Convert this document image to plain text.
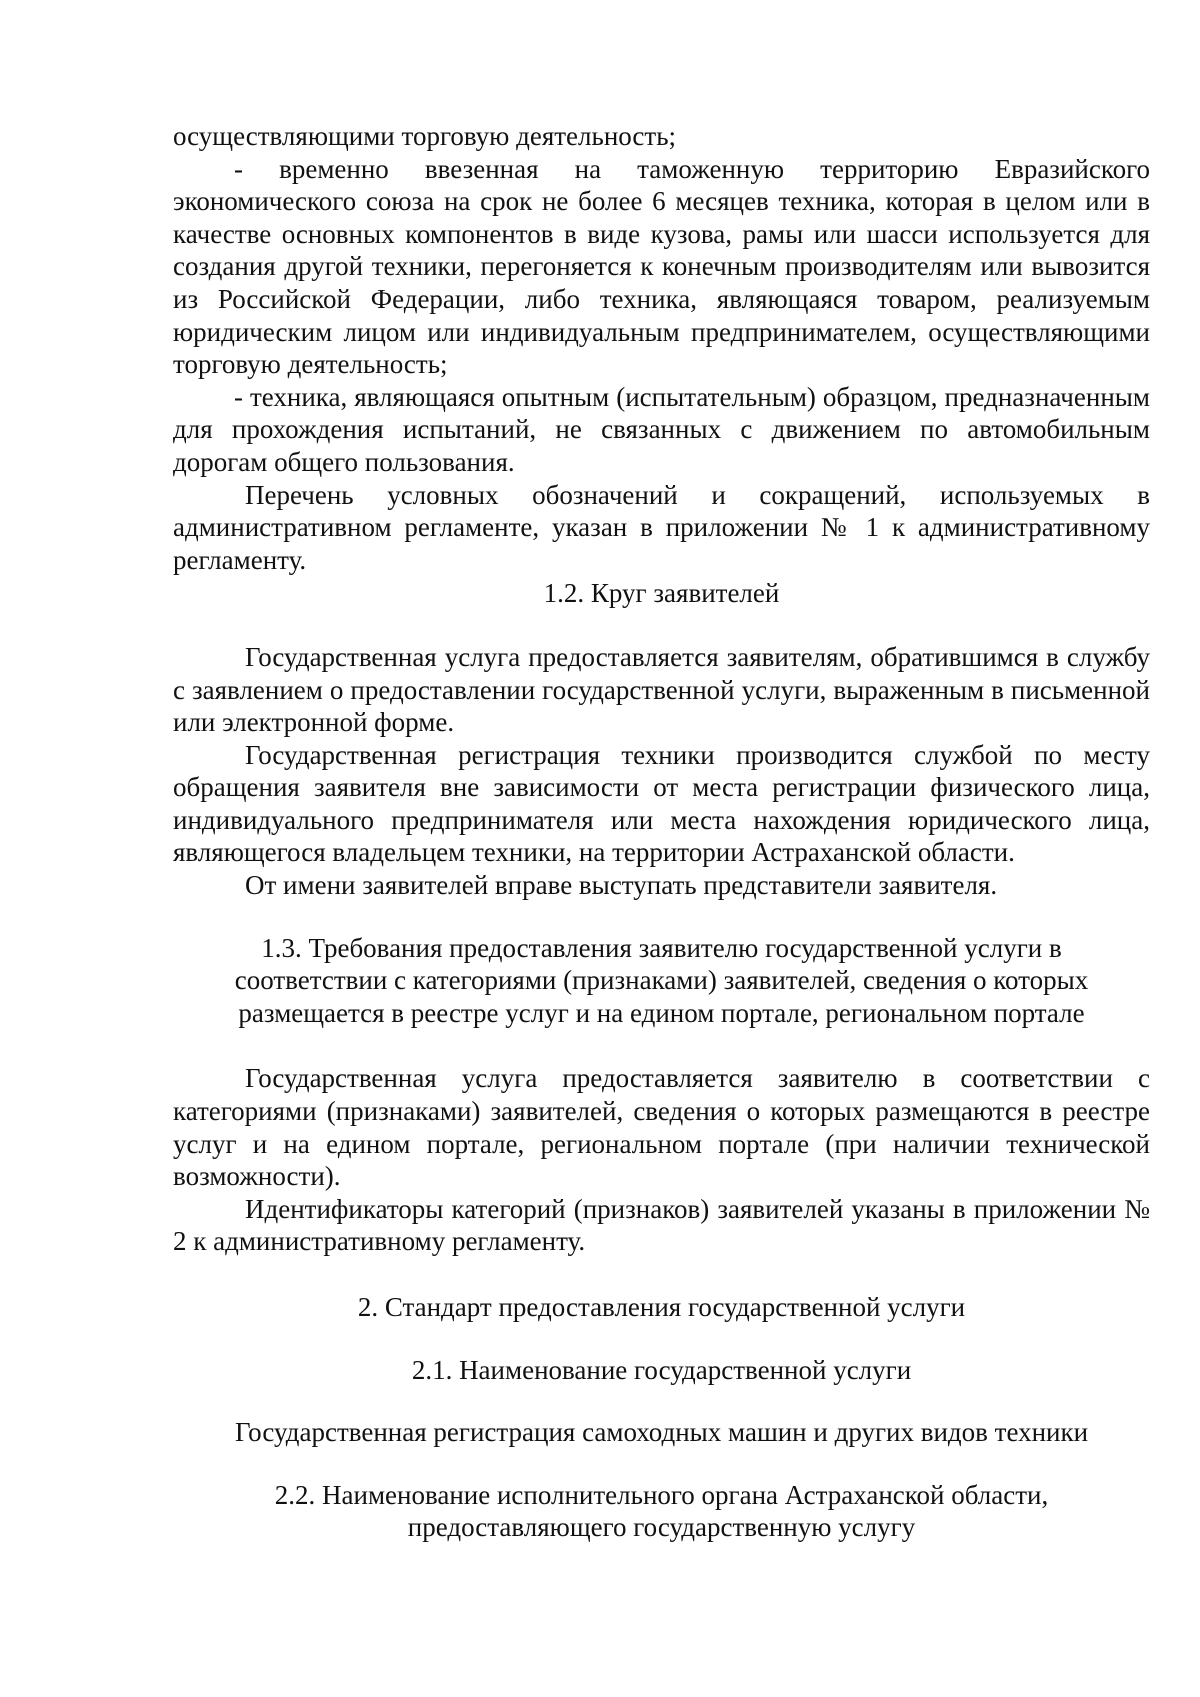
осуществляющими торговую деятельность;

- временно ввезенная на таможенную территорию Евразийского экономического союза на срок не более 6 месяцев техника, которая в целом или в качестве основных компонентов в виде кузова, рамы или шасси используется для создания другой техники, перегоняется к конечным производителям или вывозится из Российской Федерации, либо техника, являющаяся товаром, реализуемым юридическим лицом или индивидуальным предпринимателем, осуществляющими торговую деятельность;

- техника, являющаяся опытным (испытательным) образцом, предназначенным для прохождения испытаний, не связанных с движением по автомобильным дорогам общего пользования.

Перечень условных обозначений и сокращений, используемых в административном регламенте, указан в приложении № 1 к административному регламенту.

1.2. Круг заявителей

Государственная услуга предоставляется заявителям, обратившимся в службу с заявлением о предоставлении государственной услуги, выраженным в письменной или электронной форме.

Государственная регистрация техники производится службой по месту обращения заявителя вне зависимости от места регистрации физического лица, индивидуального предпринимателя или места нахождения юридического лица, являющегося владельцем техники, на территории Астраханской области.

От имени заявителей вправе выступать представители заявителя.

1.3. Требования предоставления заявителю государственной услуги в
соответствии с категориями (признаками) заявителей, сведения о которых
размещается в реестре услуг и на едином портале, региональном портале

Государственная услуга предоставляется заявителю в соответствии с категориями (признаками) заявителей, сведения о которых размещаются в реестре услуг и на едином портале, региональном портале (при наличии технической возможности).

Идентификаторы категорий (признаков) заявителей указаны в приложении № 2 к административному регламенту.

2. Стандарт предоставления государственной услуги

2.1. Наименование государственной услуги

Государственная регистрация самоходных машин и других видов техники

2.2. Наименование исполнительного органа Астраханской области,
предоставляющего государственную услугу
